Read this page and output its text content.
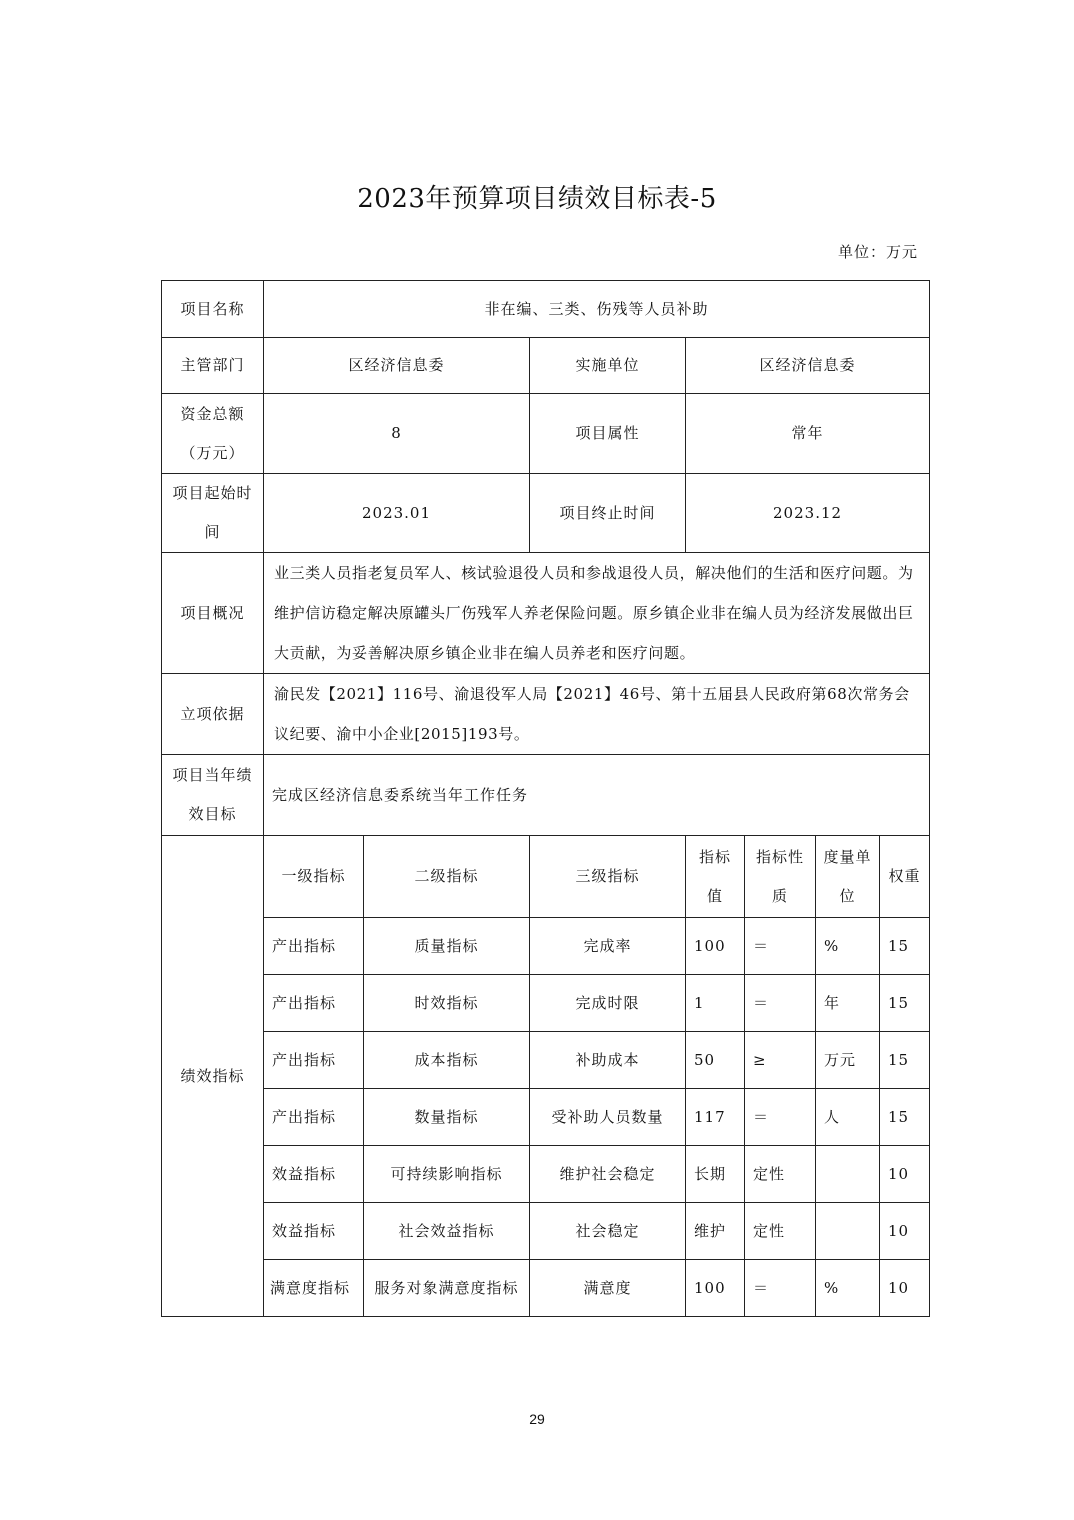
2023年预算项目绩效目标表-5
单位：万元
项目名称	非在编、三类、伤残等人员补助						
主管部门	区经济信息委		实施单位	区经济信息委			
资金总额（万元）	8		项目属性	常年			
项目起始时间	2023.01		项目终止时间	2023.12			
项目概况	业三类人员指老复员军人、核试验退役人员和参战退役人员，解决他们的生活和医疗问题。为维护信访稳定解决原罐头厂伤残军人养老保险问题。原乡镇企业非在编人员为经济发展做出巨大贡献，为妥善解决原乡镇企业非在编人员养老和医疗问题。						
立项依据	渝民发【2021】116号、渝退役军人局【2021】46号、第十五届县人民政府第68次常务会议纪要、渝中小企业[2015]193号。						
项目当年绩效目标	完成区经济信息委系统当年工作任务						
绩效指标	一级指标	二级指标	三级指标	指标值	指标性质	度量单位	权重
	产出指标	质量指标	完成率	100	＝	%	15
	产出指标	时效指标	完成时限	1	＝	年	15
	产出指标	成本指标	补助成本	50	≥	万元	15
	产出指标	数量指标	受补助人员数量	117	＝	人	15
	效益指标	可持续影响指标	维护社会稳定	长期	定性		10
	效益指标	社会效益指标	社会稳定	维护	定性		10
	满意度指标	服务对象满意度指标	满意度	100	＝	%	10
29
